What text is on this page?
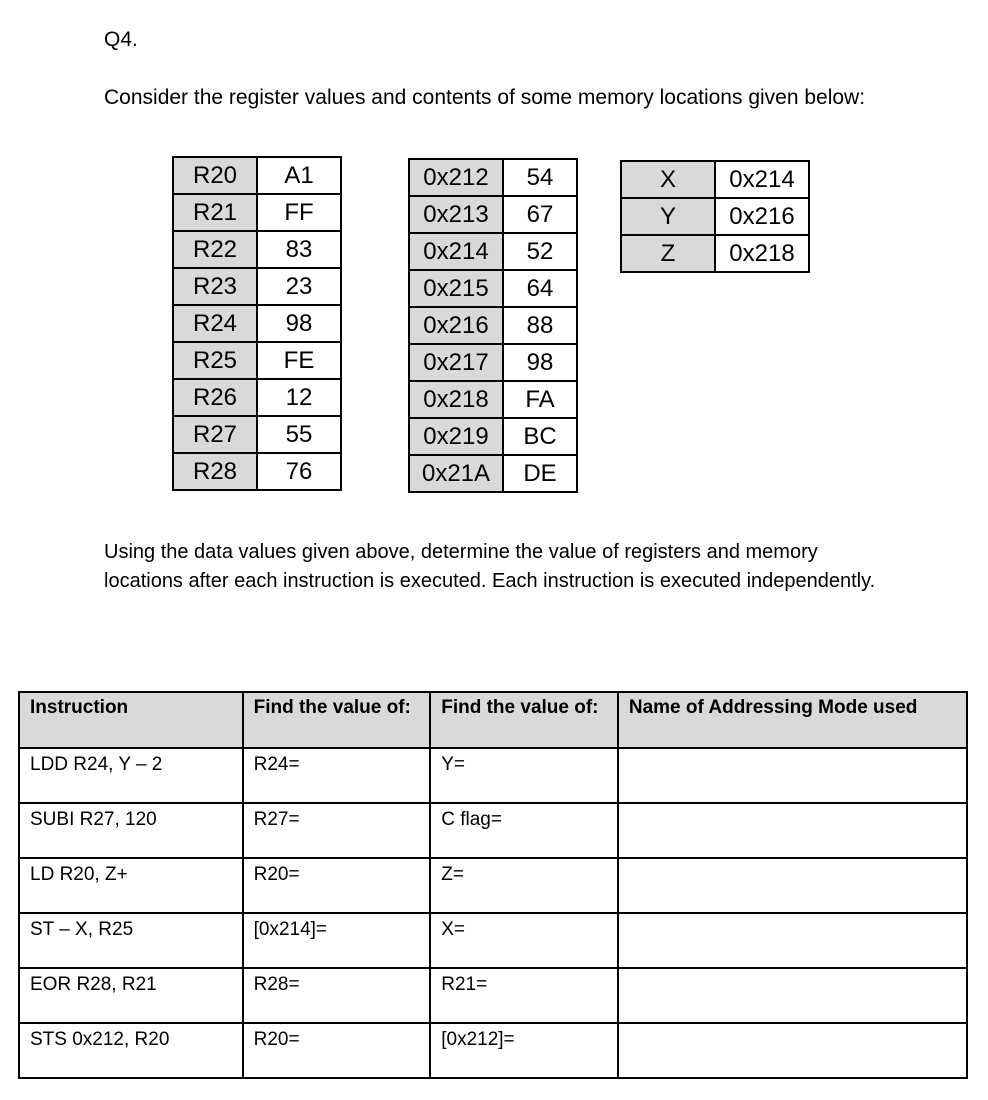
Q4.
Consider the register values and contents of some memory locations given below:
R20	A1
R21	FF
R22	83
R23	23
R24	98
R25	FE
R26	12
R27	55
R28	76
0x212	54
0x213	67
0x214	52
0x215	64
0x216	88
0x217	98
0x218	FA
0x219	BC
0x21A	DE
X	0x214
Y	0x216
Z	0x218
Using the data values given above, determine the value of registers and memory locations after each instruction is executed. Each instruction is executed independently.
Instruction	Find the value of:	Find the value of:	Name of Addressing Mode used
LDD R24, Y – 2	R24=	Y=	
SUBI R27, 120	R27=	C flag=	
LD R20, Z+	R20=	Z=	
ST – X, R25	[0x214]=	X=	
EOR R28, R21	R28=	R21=	
STS 0x212, R20	R20=	[0x212]=	
